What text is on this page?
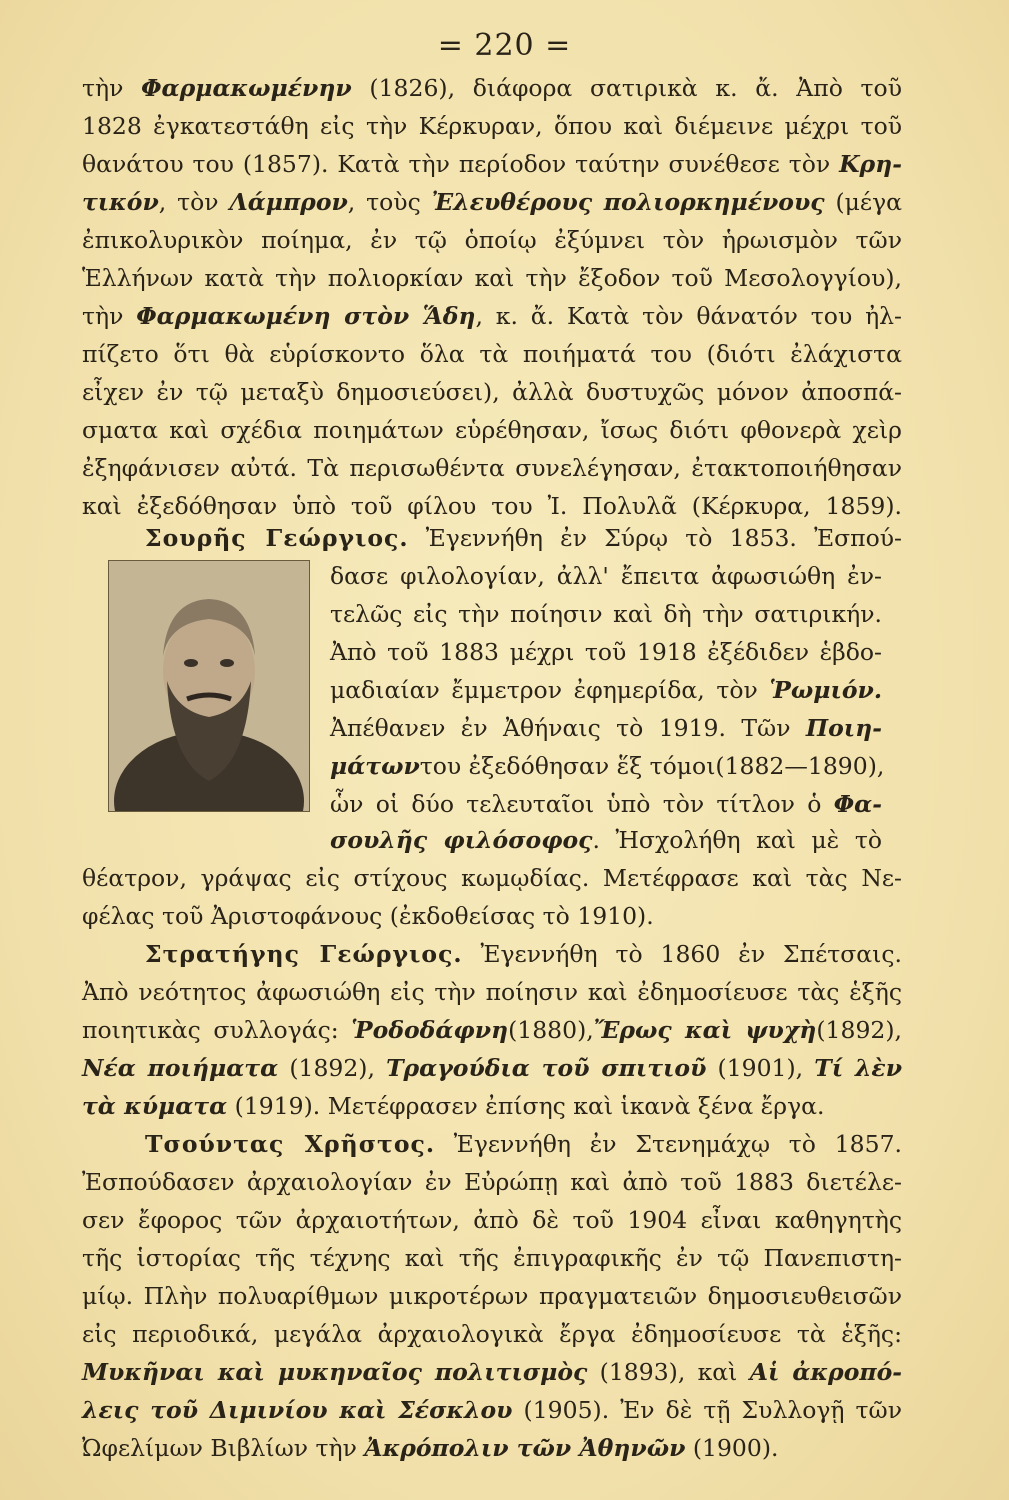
= 220 =
τὴν Φαρμακωμένην (1826), διάφορα σατιρικὰ κ. ἄ. Ἀπὸ τοῦ
1828 ἐγκατεστάθη εἰς τὴν Κέρκυραν, ὅπου καὶ διέμεινε μέχρι τοῦ
θανάτου του (1857). Κατὰ τὴν περίοδον ταύτην συνέθεσε τὸν Κρη-
τικόν, τὸν Λάμπρον, τοὺς Ἐλευθέρους πολιορκημένους (μέγα
ἐπικολυρικὸν ποίημα, ἐν τῷ ὁποίῳ ἐξύμνει τὸν ἡρωισμὸν τῶν
Ἑλλήνων κατὰ τὴν πολιορκίαν καὶ τὴν ἔξοδον τοῦ Μεσολογγίου),
τὴν Φαρμακωμένη στὸν Ἅδη, κ. ἄ. Κατὰ τὸν θάνατόν του ἠλ-
πίζετο ὅτι θὰ εὑρίσκοντο ὅλα τὰ ποιήματά του (διότι ἐλάχιστα
εἶχεν ἐν τῷ μεταξὺ δημοσιεύσει), ἀλλὰ δυστυχῶς μόνον ἀποσπά-
σματα καὶ σχέδια ποιημάτων εὑρέθησαν, ἴσως διότι φθονερὰ χεὶρ
ἐξηφάνισεν αὐτά. Τὰ περισωθέντα συνελέγησαν, ἐτακτοποιήθησαν
καὶ ἐξεδόθησαν ὑπὸ τοῦ φίλου του Ἰ. Πολυλᾶ (Κέρκυρα, 1859).
Σουρῆς Γεώργιος. Ἐγεννήθη ἐν Σύρῳ τὸ 1853. Ἐσπού-
δασε φιλολογίαν, ἀλλ' ἔπειτα ἀφωσιώθη ἐν-
τελῶς εἰς τὴν ποίησιν καὶ δὴ τὴν σατιρικήν.
Ἀπὸ τοῦ 1883 μέχρι τοῦ 1918 ἐξέδιδεν ἑβδο-
μαδιαίαν ἔμμετρον ἐφημερίδα, τὸν Ῥωμιόν.
Ἀπέθανεν ἐν Ἀθήναις τὸ 1919. Τῶν Ποιη-
μάτωντου ἐξεδόθησαν ἕξ τόμοι(1882—1890),
ὧν οἱ δύο τελευταῖοι ὑπὸ τὸν τίτλον ὁ Φα-
σουλῆς φιλόσοφος. Ἠσχολήθη καὶ μὲ τὸ
θέατρον, γράψας εἰς στίχους κωμῳδίας. Μετέφρασε καὶ τὰς Νε-
φέλας τοῦ Ἀριστοφάνους (ἐκδοθείσας τὸ 1910).
Στρατήγης Γεώργιος. Ἐγεννήθη τὸ 1860 ἐν Σπέτσαις.
Ἀπὸ νεότητος ἀφωσιώθη εἰς τὴν ποίησιν καὶ ἐδημοσίευσε τὰς ἑξῆς
ποιητικὰς συλλογάς: Ῥοδοδάφνη(1880),Ἔρως καὶ ψυχὴ(1892),
Νέα ποιήματα (1892), Τραγούδια τοῦ σπιτιοῦ (1901), Τί λὲν
τὰ κύματα (1919). Μετέφρασεν ἐπίσης καὶ ἱκανὰ ξένα ἔργα.
Τσούντας Χρῆστος. Ἐγεννήθη ἐν Στενημάχῳ τὸ 1857.
Ἐσπούδασεν ἀρχαιολογίαν ἐν Εὐρώπῃ καὶ ἀπὸ τοῦ 1883 διετέλε-
σεν ἔφορος τῶν ἀρχαιοτήτων, ἀπὸ δὲ τοῦ 1904 εἶναι καθηγητὴς
τῆς ἱστορίας τῆς τέχνης καὶ τῆς ἐπιγραφικῆς ἐν τῷ Πανεπιστη-
μίῳ. Πλὴν πολυαρίθμων μικροτέρων πραγματειῶν δημοσιευθεισῶν
εἰς περιοδικά, μεγάλα ἀρχαιολογικὰ ἔργα ἐδημοσίευσε τὰ ἑξῆς:
Μυκῆναι καὶ μυκηναῖος πολιτισμὸς (1893), καὶ Αἱ ἀκροπό-
λεις τοῦ Διμινίου καὶ Σέσκλου (1905). Ἐν δὲ τῇ Συλλογῇ τῶν
Ὠφελίμων Βιβλίων τὴν Ἀκρόπολιν τῶν Ἀθηνῶν (1900).
